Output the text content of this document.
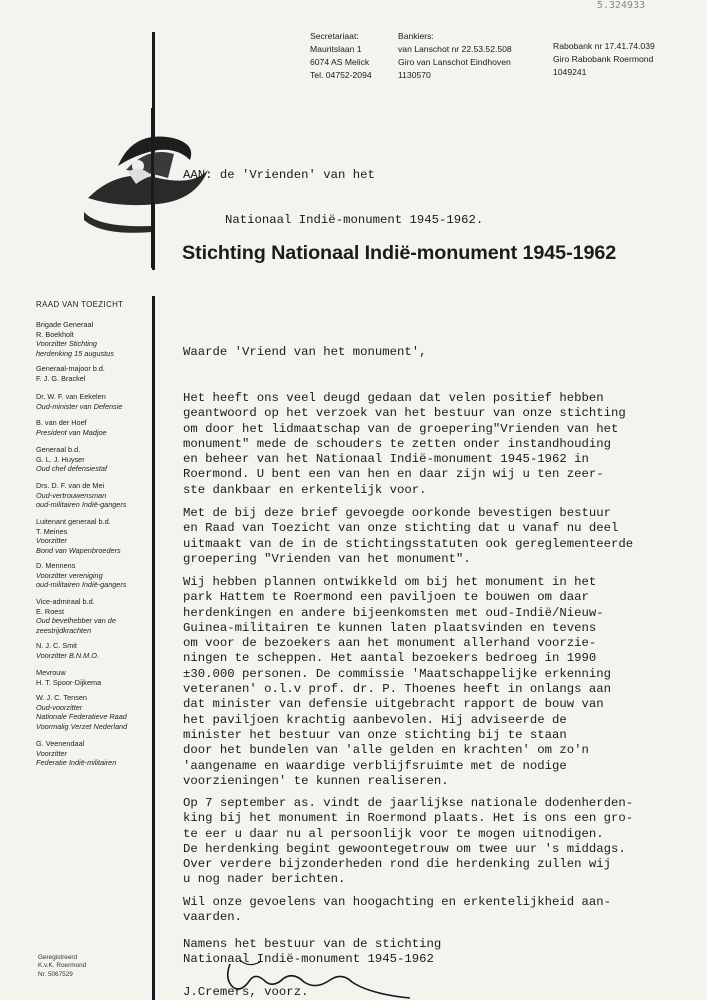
5.324933
Secretariaat:
Mauritslaan 1
6074 AS Melick
Tel. 04752-2094
Bankiers:
van Lanschot nr 22.53.52.508
Giro van Lanschot Eindhoven
1130570
Rabobank nr 17.41.74.039
Giro Rabobank Roermond
1049241

AAN: de 'Vrienden' van het

Nationaal Indië-monument 1945-1962.

Stichting Nationaal Indië-monument 1945-1962
RAAD VAN TOEZICHT
Brigade Generaal
R. Boekholt
Voorzitter Stichting
herdenking 15 augustus
Generaal-majoor b.d.
F. J. G. Brackel
Dr. W. F. van Eekelen
Oud-minister van Defensie
B. van der Hoef
President van Madjoe
Generaal b.d.
G. L. J. Huyser
Oud chef defensiestaf
Drs. D. F. van de Mei
Oud-vertrouwensman
oud-militairen Indië-gangers
Luitenant generaal b.d.
T. Meines
Voorzitter
Bond van Wapenbroeders
D. Mennens
Voorzitter vereniging
oud-militairen Indië-gangers
Vice-admiraal b.d.
E. Roest
Oud bevelhebber van de
zeestrijdkrachten
N. J. C. Smit
Voorzitter B.N.M.O.
Mevrouw
H. T. Spoor-Dijkema
W. J. C. Tensen
Oud-voorzitter
Nationale Federatieve Raad
Voormalig Verzet Nederland
G. Veenendaal
Voorzitter
Federatie Indië-militairen
Geregistreerd
K.v.K. Roermond
Nr. 5067529
Waarde 'Vriend van het monument',
Het heeft ons veel deugd gedaan dat velen positief hebben
geantwoord op het verzoek van het bestuur van onze stichting
om door het lidmaatschap van de groepering"Vrienden van het
monument" mede de schouders te zetten onder instandhouding
en beheer van het Nationaal Indië-monument 1945-1962 in
Roermond. U bent een van hen en daar zijn wij u ten zeer-
ste dankbaar en erkentelijk voor.
Met de bij deze brief gevoegde oorkonde bevestigen bestuur
en Raad van Toezicht van onze stichting dat u vanaf nu deel
uitmaakt van de in de stichtingsstatuten ook gereglementeerde
groepering "Vrienden van het monument".
Wij hebben plannen ontwikkeld om bij het monument in het
park Hattem te Roermond een paviljoen te bouwen om daar
herdenkingen en andere bijeenkomsten met oud-Indië/Nieuw-
Guinea-militairen te kunnen laten plaatsvinden en tevens
om voor de bezoekers aan het monument allerhand voorzie-
ningen te scheppen. Het aantal bezoekers bedroeg in 1990
±30.000 personen. De commissie 'Maatschappelijke erkenning
veteranen' o.l.v prof. dr. P. Thoenes heeft in onlangs aan
dat minister van defensie uitgebracht rapport de bouw van
het paviljoen krachtig aanbevolen. Hij adviseerde de
minister het bestuur van onze stichting bij te staan
door het bundelen van 'alle gelden en krachten' om zo'n
'aangename en waardige verblijfsruimte met de nodige
voorzieningen' te kunnen realiseren.
Op 7 september as. vindt de jaarlijkse nationale dodenherden-
king bij het monument in Roermond plaats. Het is ons een gro-
te eer u daar nu al persoonlijk voor te mogen uitnodigen.
De herdenking begint gewoontegetrouw om twee uur 's middags.
Over verdere bijzonderheden rond die herdenking zullen wij
u nog nader berichten.
Wil onze gevoelens van hoogachting en erkentelijkheid aan-
vaarden.
Namens het bestuur van de stichting
Nationaal Indië-monument 1945-1962
J.Cremers, voorz.
